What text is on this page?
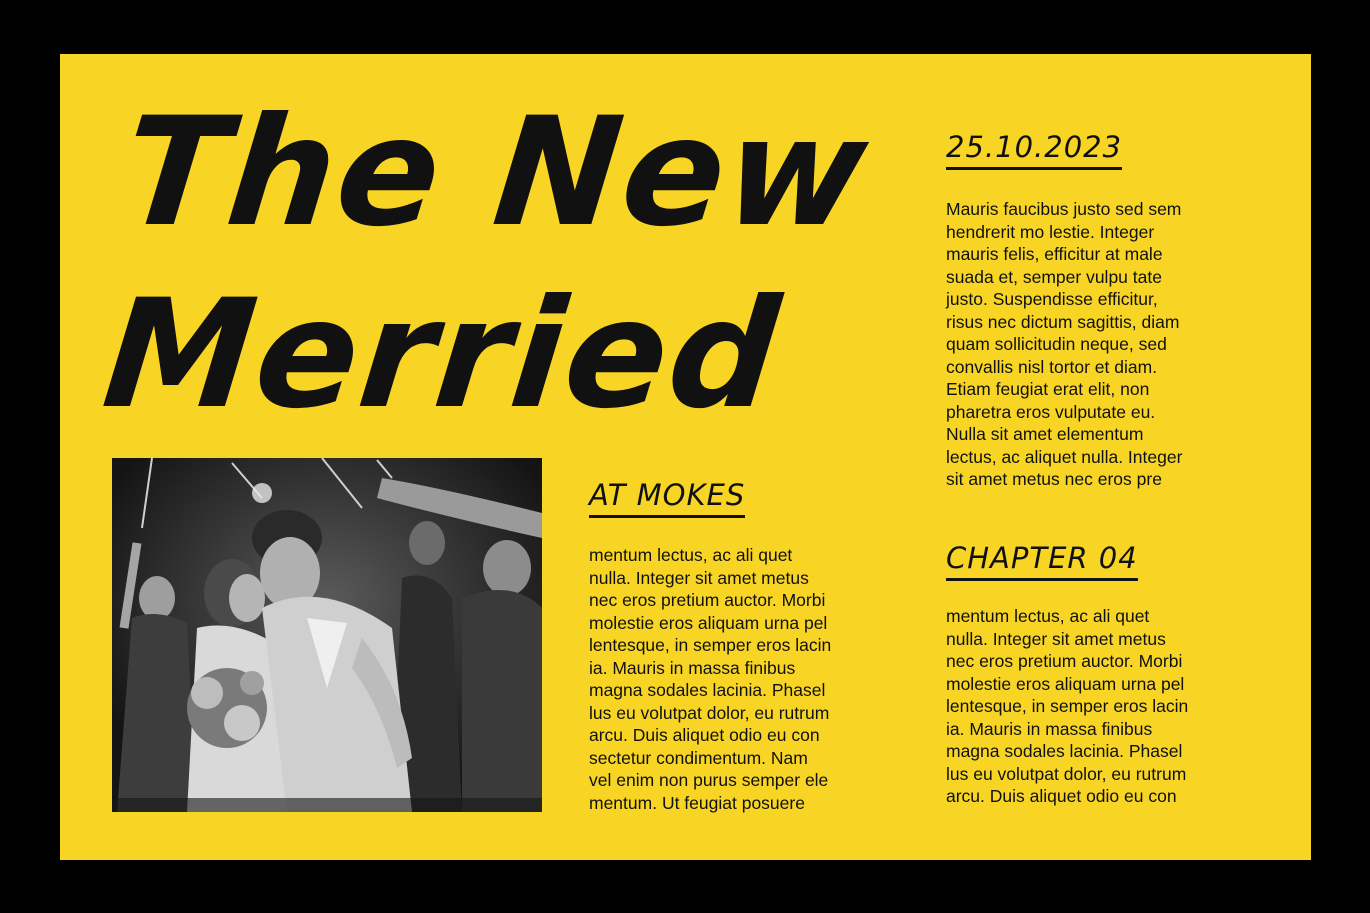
The New
Merried
25.10.2023

Mauris faucibus justo sed sem
hendrerit mo lestie. Integer
mauris felis, efficitur at male
suada et, semper vulpu tate
justo. Suspendisse efficitur,
risus nec dictum sagittis, diam
quam sollicitudin neque, sed
convallis nisl tortor et diam.
Etiam feugiat erat elit, non
pharetra eros vulputate eu.
Nulla sit amet elementum
lectus, ac aliquet nulla. Integer
sit amet metus nec eros pre

AT MOKES

mentum lectus, ac ali quet
nulla. Integer sit amet metus
nec eros pretium auctor. Morbi
molestie eros aliquam urna pel
lentesque, in semper eros lacin
ia. Mauris in massa finibus
magna sodales lacinia. Phasel
lus eu volutpat dolor, eu rutrum
arcu. Duis aliquet odio eu con
sectetur condimentum. Nam
vel enim non purus semper ele
mentum. Ut feugiat posuere

CHAPTER 04

mentum lectus, ac ali quet
nulla. Integer sit amet metus
nec eros pretium auctor. Morbi
molestie eros aliquam urna pel
lentesque, in semper eros lacin
ia. Mauris in massa finibus
magna sodales lacinia. Phasel
lus eu volutpat dolor, eu rutrum
arcu. Duis aliquet odio eu con
